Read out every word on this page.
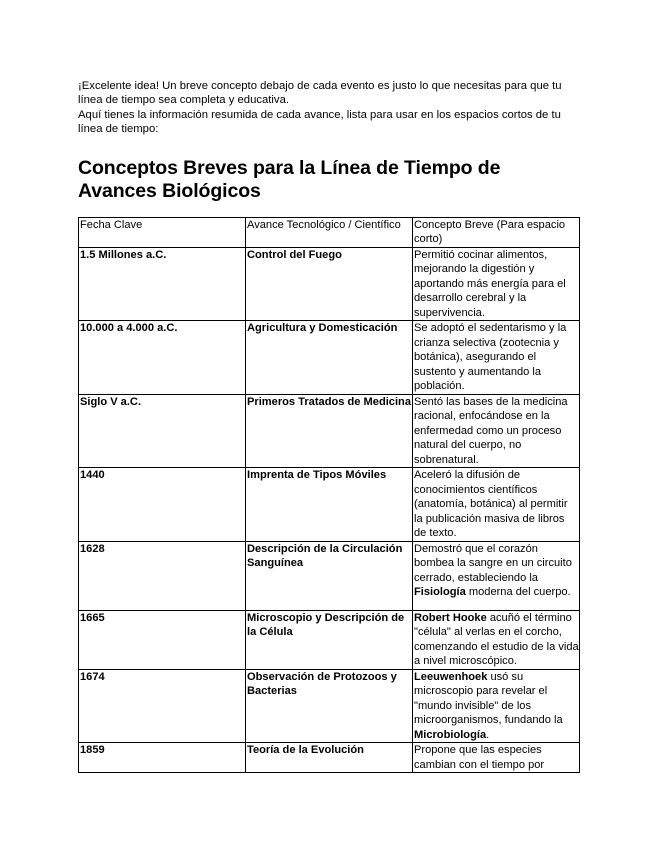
¡Excelente idea! Un breve concepto debajo de cada evento es justo lo que necesitas para que tu línea de tiempo sea completa y educativa.

Aquí tienes la información resumida de cada avance, lista para usar en los espacios cortos de tu línea de tiempo:

Conceptos Breves para la Línea de Tiempo de Avances Biológicos
Fecha Clave	Avance Tecnológico / Científico	Concepto Breve (Para espacio corto)
1.5 Millones a.C.	Control del Fuego	Permitió cocinar alimentos, mejorando la digestión y aportando más energía para el desarrollo cerebral y la supervivencia.
10.000 a 4.000 a.C.	Agricultura y Domesticación	Se adoptó el sedentarismo y la crianza selectiva (zootecnia y botánica), asegurando el sustento y aumentando la población.
Siglo V a.C.	Primeros Tratados de Medicina	Sentó las bases de la medicina racional, enfocándose en la enfermedad como un proceso natural del cuerpo, no sobrenatural.
1440	Imprenta de Tipos Móviles	Aceleró la difusión de conocimientos científicos (anatomía, botánica) al permitir la publicación masiva de libros de texto.
1628	Descripción de la Circulación Sanguínea	Demostró que el corazón bombea la sangre en un circuito cerrado, estableciendo la Fisiología moderna del cuerpo.
1665	Microscopio y Descripción de la Célula	Robert Hooke acuñó el término "célula" al verlas en el corcho, comenzando el estudio de la vida a nivel microscópico.
1674	Observación de Protozoos y Bacterias	Leeuwenhoek usó su microscopio para revelar el "mundo invisible" de los microorganismos, fundando la Microbiología.
1859	Teoría de la Evolución	Propone que las especies cambian con el tiempo por
